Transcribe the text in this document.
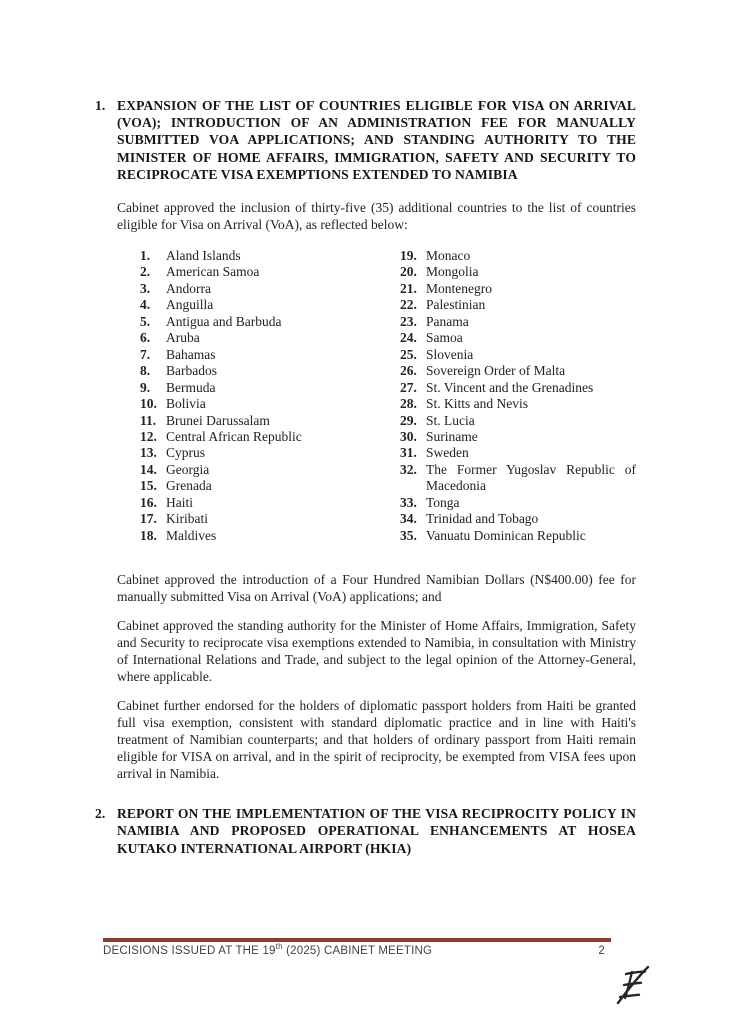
1. EXPANSION OF THE LIST OF COUNTRIES ELIGIBLE FOR VISA ON ARRIVAL (VOA); INTRODUCTION OF AN ADMINISTRATION FEE FOR MANUALLY SUBMITTED VOA APPLICATIONS; AND STANDING AUTHORITY TO THE MINISTER OF HOME AFFAIRS, IMMIGRATION, SAFETY AND SECURITY TO RECIPROCATE VISA EXEMPTIONS EXTENDED TO NAMIBIA

Cabinet approved the inclusion of thirty-five (35) additional countries to the list of countries eligible for Visa on Arrival (VoA), as reflected below:

1.	Aland Islands
2.	American Samoa
3.	Andorra
4.	Anguilla
5.	Antigua and Barbuda
6.	Aruba
7.	Bahamas
8.	Barbados
9.	Bermuda
10. Bolivia
11. Brunei Darussalam
12. Central African Republic
13. Cyprus
14. Georgia
15. Grenada
16. Haiti
17. Kiribati
18. Maldives
19. Monaco
20. Mongolia
21. Montenegro
22. Palestinian
23. Panama
24. Samoa
25. Slovenia
26. Sovereign Order of Malta
27. St. Vincent and the Grenadines
28. St. Kitts and Nevis
29. St. Lucia
30. Suriname
31. Sweden
32. The Former Yugoslav Republic of Macedonia
33. Tonga
34. Trinidad and Tobago
35. Vanuatu Dominican Republic

Cabinet approved the introduction of a Four Hundred Namibian Dollars (N$400.00) fee for manually submitted Visa on Arrival (VoA) applications; and

Cabinet approved the standing authority for the Minister of Home Affairs, Immigration, Safety and Security to reciprocate visa exemptions extended to Namibia, in consultation with Ministry of International Relations and Trade, and subject to the legal opinion of the Attorney-General, where applicable.

Cabinet further endorsed for the holders of diplomatic passport holders from Haiti be granted full visa exemption, consistent with standard diplomatic practice and in line with Haiti's treatment of Namibian counterparts; and that holders of ordinary passport from Haiti remain eligible for VISA on arrival, and in the spirit of reciprocity, be exempted from VISA fees upon arrival in Namibia.

2. REPORT ON THE IMPLEMENTATION OF THE VISA RECIPROCITY POLICY IN NAMIBIA AND PROPOSED OPERATIONAL ENHANCEMENTS AT HOSEA KUTAKO INTERNATIONAL AIRPORT (HKIA)
DECISIONS ISSUED AT THE 19th (2025) CABINET MEETING	2
